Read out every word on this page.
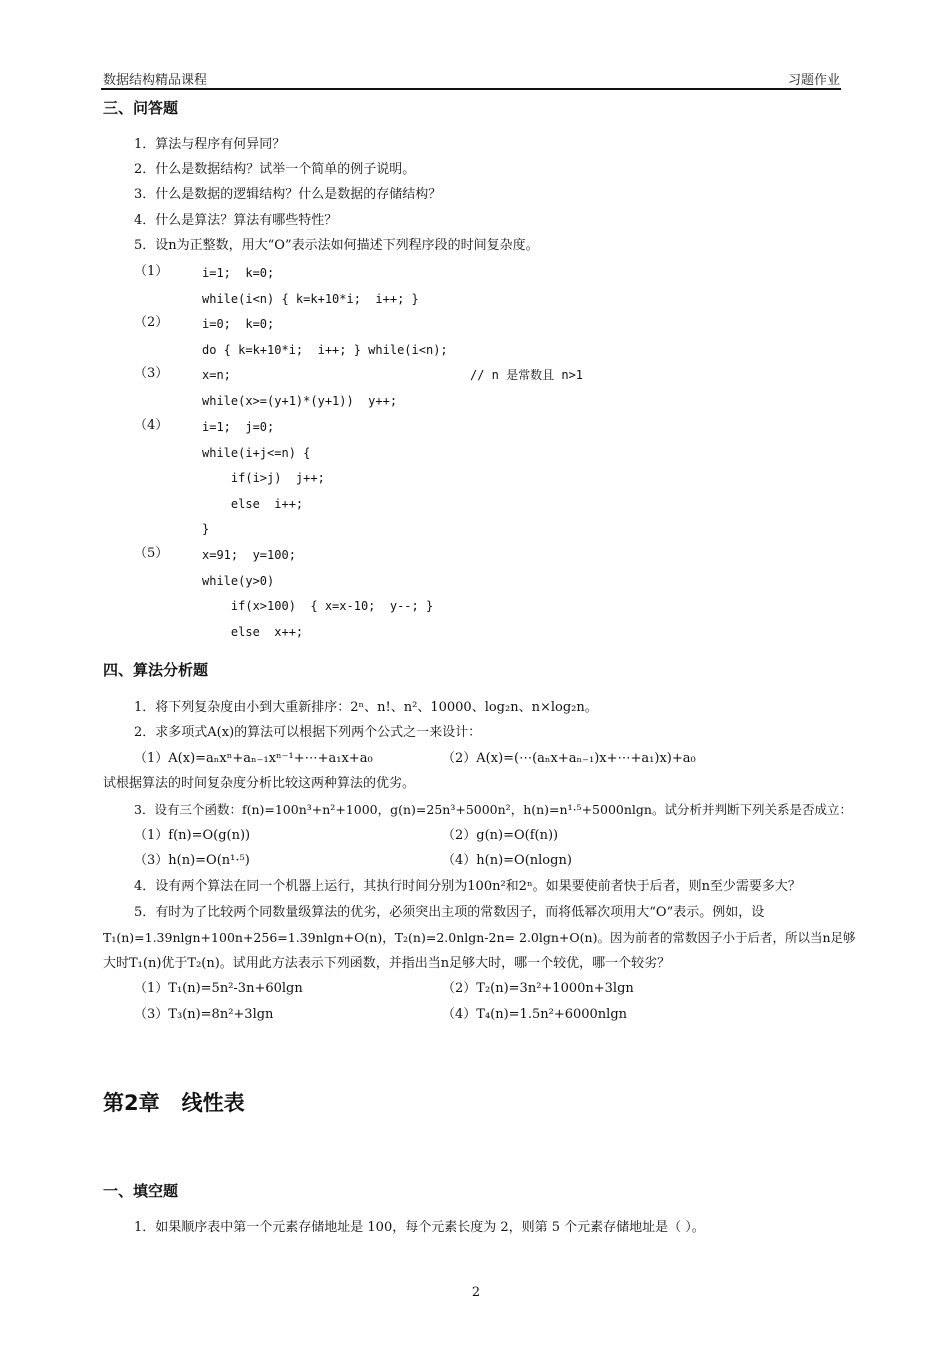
数据结构精品课程	习题作业
三、问答题
1．算法与程序有何异同？
2．什么是数据结构？试举一个简单的例子说明。
3．什么是数据的逻辑结构？什么是数据的存储结构？
4．什么是算法？算法有哪些特性？
5．设n为正整数，用大“O”表示法如何描述下列程序段的时间复杂度。
（1）	i=1;  k=0;
while(i<n) { k=k+10*i;  i++; }
（2）	i=0;  k=0;
do { k=k+10*i;  i++; } while(i<n);
（3）	x=n;	// n 是常数且 n>1
while(x>=(y+1)*(y+1))  y++;
（4）	i=1;  j=0;
while(i+j<=n) {
if(i>j)  j++;
else  i++;
}
（5）	x=91;  y=100;
while(y>0)
if(x>100)  { x=x-10;  y--; }
else  x++;
四、算法分析题
1．将下列复杂度由小到大重新排序：2ⁿ、n!、n²、10000、log₂n、n×log₂n。
2．求多项式A(x)的算法可以根据下列两个公式之一来设计：
（1）A(x)=aₙxⁿ+aₙ₋₁xⁿ⁻¹+⋯+a₁x+a₀	（2）A(x)=(⋯(aₙx+aₙ₋₁)x+⋯+a₁)x)+a₀
试根据算法的时间复杂度分析比较这两种算法的优劣。
3．设有三个函数：f(n)=100n³+n²+1000，g(n)=25n³+5000n²，h(n)=n¹·⁵+5000nlgn。试分析并判断下列关系是否成立：
（1）f(n)=O(g(n))	（2）g(n)=O(f(n))
（3）h(n)=O(n¹·⁵)	（4）h(n)=O(nlogn)
4．设有两个算法在同一个机器上运行，其执行时间分别为100n²和2ⁿ。如果要使前者快于后者，则n至少需要多大？
5．有时为了比较两个同数量级算法的优劣，必须突出主项的常数因子，而将低幂次项用大“O”表示。例如，设
T₁(n)=1.39nlgn+100n+256=1.39nlgn+O(n)，T₂(n)=2.0nlgn-2n= 2.0lgn+O(n)。因为前者的常数因子小于后者，所以当n足够
大时T₁(n)优于T₂(n)。试用此方法表示下列函数，并指出当n足够大时，哪一个较优，哪一个较劣？
（1）T₁(n)=5n²-3n+60lgn	（2）T₂(n)=3n²+1000n+3lgn
（3）T₃(n)=8n²+3lgn	（4）T₄(n)=1.5n²+6000nlgn
第2章 线性表
一、填空题
1．如果顺序表中第一个元素存储地址是 100，每个元素长度为 2，则第 5 个元素存储地址是（ ）。
2
